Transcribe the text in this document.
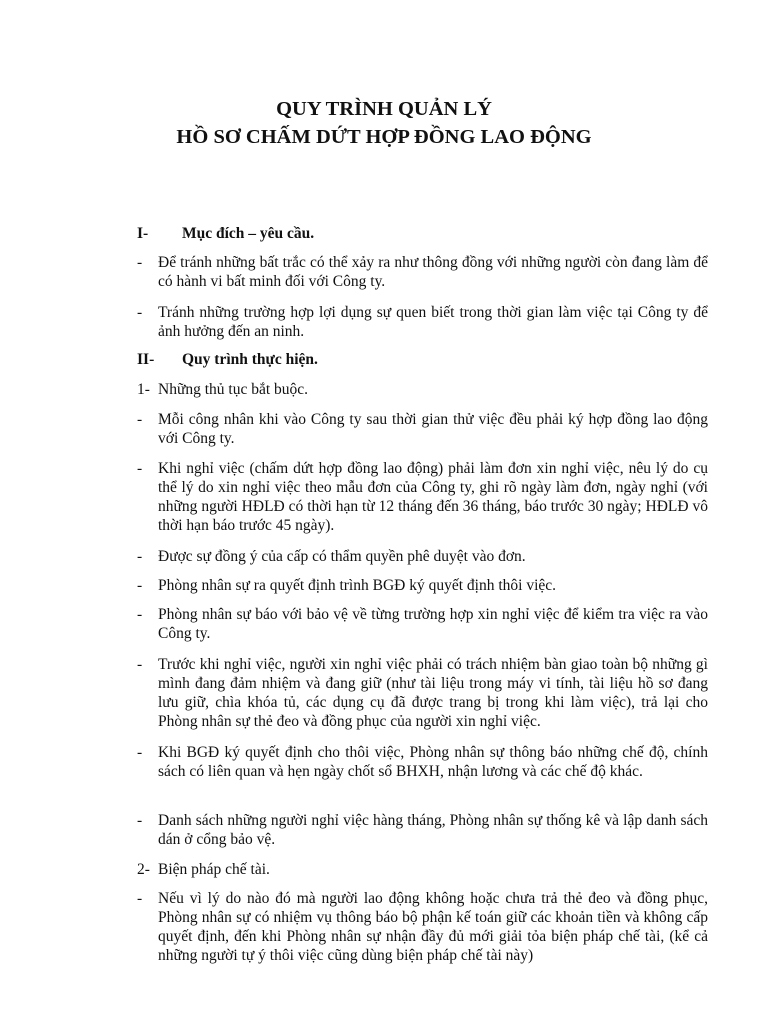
QUY TRÌNH QUẢN LÝ
HỒ SƠ CHẤM DỨT HỢP ĐỒNG LAO ĐỘNG
I- Mục đích – yêu cầu.
- Để tránh những bất trắc có thể xảy ra như thông đồng với những người còn đang làm để có hành vi bất minh đối với Công ty.
- Tránh những trường hợp lợi dụng sự quen biết trong thời gian làm việc tại Công ty để ảnh hưởng đến an ninh.
II- Quy trình thực hiện.
1- Những thủ tục bắt buộc.
- Mỗi công nhân khi vào Công ty sau thời gian thử việc đều phải ký hợp đồng lao động với Công ty.
- Khi nghỉ việc (chấm dứt hợp đồng lao động) phải làm đơn xin nghỉ việc, nêu lý do cụ thể lý do xin nghỉ việc theo mẫu đơn của Công ty, ghi rõ ngày làm đơn, ngày nghỉ (với những người HĐLĐ có thời hạn từ 12 tháng đến 36 tháng, báo trước 30 ngày; HĐLĐ vô thời hạn báo trước 45 ngày).
- Được sự đồng ý của cấp có thẩm quyền phê duyệt vào đơn.
- Phòng nhân sự ra quyết định trình BGĐ ký quyết định thôi việc.
- Phòng nhân sự báo với bảo vệ về từng trường hợp xin nghỉ việc để kiểm tra việc ra vào Công ty.
- Trước khi nghỉ việc, người xin nghỉ việc phải có trách nhiệm bàn giao toàn bộ những gì mình đang đảm nhiệm và đang giữ (như tài liệu trong máy vi tính, tài liệu hồ sơ đang lưu giữ, chìa khóa tủ, các dụng cụ đã được trang bị trong khi làm việc), trả lại cho Phòng nhân sự thẻ đeo và đồng phục của người xin nghỉ việc.
- Khi BGĐ ký quyết định cho thôi việc, Phòng nhân sự thông báo những chế độ, chính sách có liên quan và hẹn ngày chốt sổ BHXH, nhận lương và các chế độ khác.
- Danh sách những người nghỉ việc hàng tháng, Phòng nhân sự thống kê và lập danh sách dán ở cổng bảo vệ.
2- Biện pháp chế tài.
- Nếu vì lý do nào đó mà người lao động không hoặc chưa trả thẻ đeo và đồng phục, Phòng nhân sự có nhiệm vụ thông báo bộ phận kế toán giữ các khoản tiền và không cấp quyết định, đến khi Phòng nhân sự nhận đầy đủ mới giải tỏa biện pháp chế tài, (kể cả những người tự ý thôi việc cũng dùng biện pháp chế tài này)
